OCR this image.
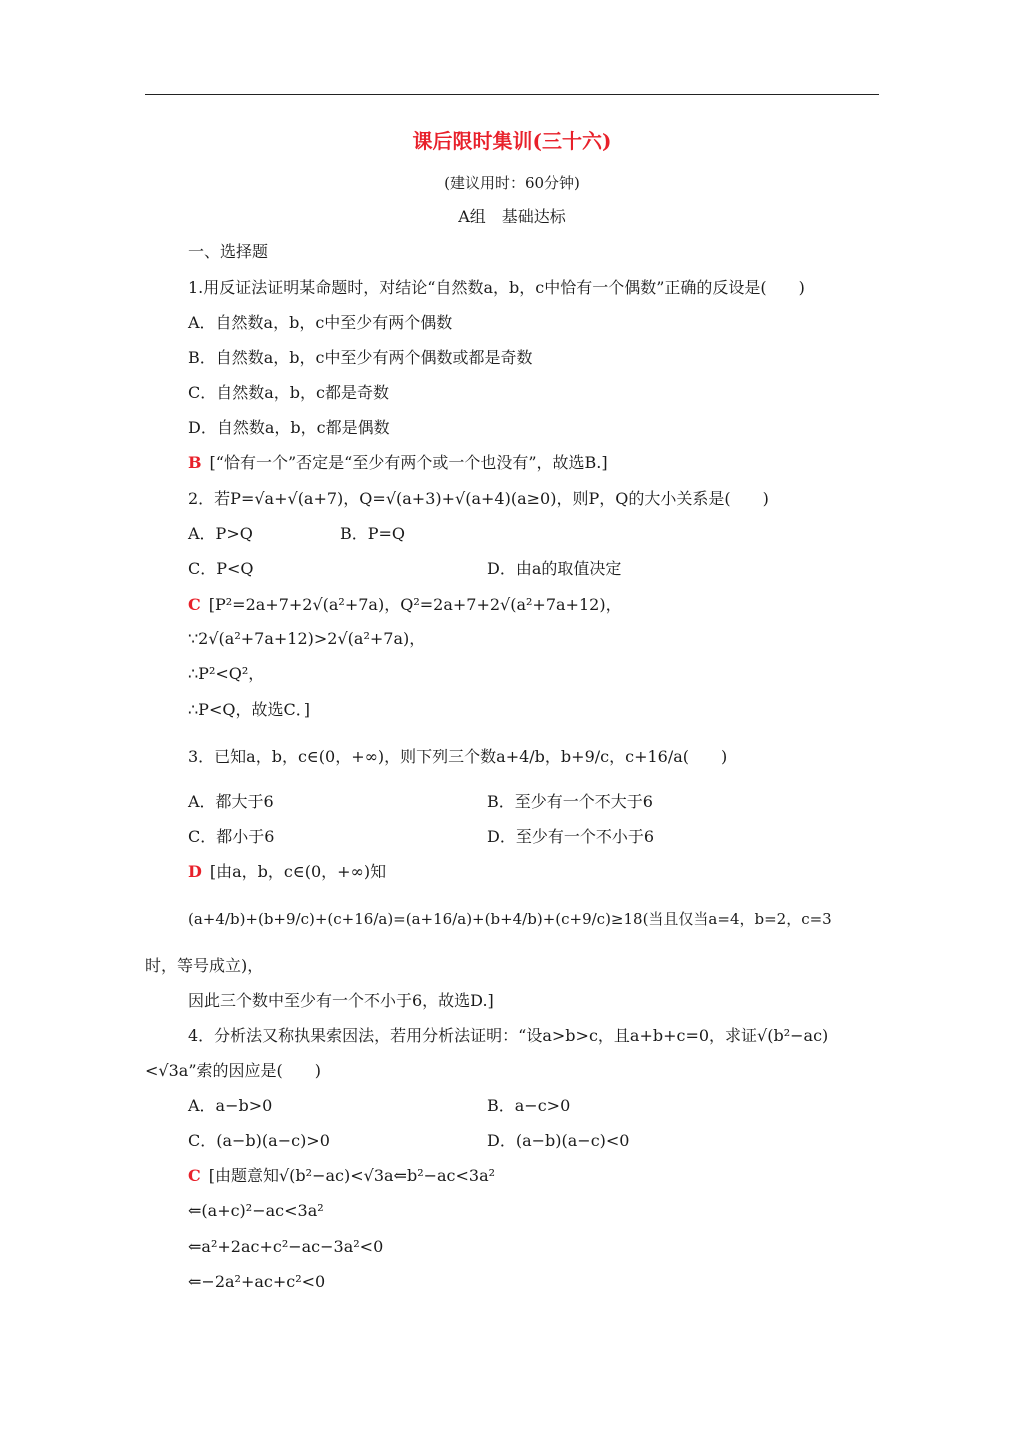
课后限时集训(三十六)
(建议用时：60分钟)
A组　基础达标
一、选择题
1.用反证法证明某命题时，对结论“自然数a，b，c中恰有一个偶数”正确的反设是(　　)
A．自然数a，b，c中至少有两个偶数
B．自然数a，b，c中至少有两个偶数或都是奇数
C．自然数a，b，c都是奇数
D．自然数a，b，c都是偶数
B [“恰有一个”否定是“至少有两个或一个也没有”，故选B.]
2．若P=√a+√(a+7)，Q=√(a+3)+√(a+4)(a≥0)，则P，Q的大小关系是(　　)
A．P>Q	B．P=Q
C．P<Q	D．由a的取值决定
C [P²=2a+7+2√(a²+7a)，Q²=2a+7+2√(a²+7a+12)，
∵2√(a²+7a+12)>2√(a²+7a)，
∴P²<Q²，
∴P<Q，故选C．]
3．已知a，b，c∈(0，+∞)，则下列三个数a+4/b，b+9/c，c+16/a(　　)
A．都大于6	B．至少有一个不大于6
C．都小于6	D．至少有一个不小于6
D [由a，b，c∈(0，+∞)知
(a+4/b)+(b+9/c)+(c+16/a)=(a+16/a)+(b+4/b)+(c+9/c)≥18(当且仅当a=4，b=2，c=3
时，等号成立)，
因此三个数中至少有一个不小于6，故选D.]
4．分析法又称执果索因法，若用分析法证明：“设a>b>c，且a+b+c=0，求证√(b²−ac)
<√3a”索的因应是(　　)
A．a−b>0	B．a−c>0
C．(a−b)(a−c)>0	D．(a−b)(a−c)<0
C [由题意知√(b²−ac)<√3a⇐b²−ac<3a²
⇐(a+c)²−ac<3a²
⇐a²+2ac+c²−ac−3a²<0
⇐−2a²+ac+c²<0
